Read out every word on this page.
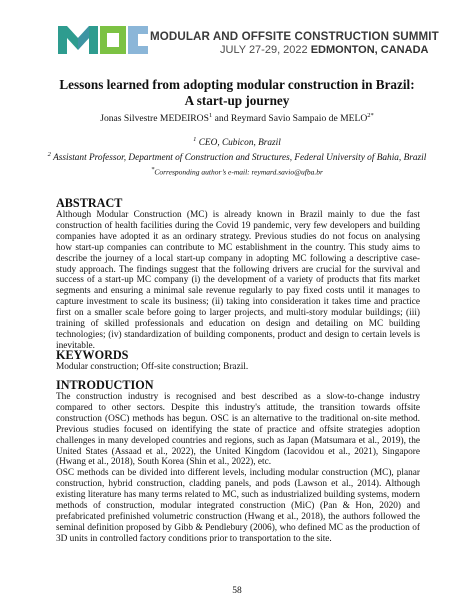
MODULAR AND OFFSITE CONSTRUCTION SUMMIT
JULY 27-29, 2022 EDMONTON, CANADA
Lessons learned from adopting modular construction in Brazil:
A start-up journey
Jonas Silvestre MEDEIROS$^1$ and Reymard Savio Sampaio de $MELO^{2*}$
$^1$ CEO, Cubicon, Brazil
$^2$ Assistant Professor, Department of Construction and Structures, Federal University of Bahia, Brazil
*Corresponding author’s e-mail: reymard.savio@ufba.br
ABSTRACT

Although Modular Construction (MC) is already known in Brazil mainly to due the fast construction of health facilities during the Covid 19 pandemic, very few developers and building companies have adopted it as an ordinary strategy. Previous studies do not focus on analysing how start-up companies can contribute to MC establishment in the country. This study aims to describe the journey of a local start-up company in adopting MC following a descriptive case-study approach. The findings suggest that the following drivers are crucial for the survival and success of a start-up MC company (i) the development of a variety of products that fits market segments and ensuring a minimal sale revenue regularly to pay fixed costs until it manages to capture investment to scale its business; (ii) taking into consideration it takes time and practice first on a smaller scale before going to larger projects, and multi-story modular buildings; (iii) training of skilled professionals and education on design and detailing on MC building technologies; (iv) standardization of building components, product and design to certain levels is inevitable.

KEYWORDS

Modular construction; Off-site construction; Brazil.

INTRODUCTION

The construction industry is recognised and best described as a slow-to-change industry compared to other sectors. Despite this industry's attitude, the transition towards offsite construction (OSC) methods has begun. OSC is an alternative to the traditional on-site method. Previous studies focused on identifying the state of practice and offsite strategies adoption challenges in many developed countries and regions, such as Japan (Matsumara et al., 2019), the United States (Assaad et al., 2022), the United Kingdom (Iacovidou et al., 2021), Singapore (Hwang et al., 2018), South Korea (Shin et al., 2022), etc.

OSC methods can be divided into different levels, including modular construction (MC), planar construction, hybrid construction, cladding panels, and pods (Lawson et al., 2014). Although existing literature has many terms related to MC, such as industrialized building systems, modern methods of construction, modular integrated construction (MiC) (Pan & Hon, 2020) and prefabricated prefinished volumetric construction (Hwang et al., 2018), the authors followed the seminal definition proposed by Gibb & Pendlebury (2006), who defined MC as the production of 3D units in controlled factory conditions prior to transportation to the site.

58
